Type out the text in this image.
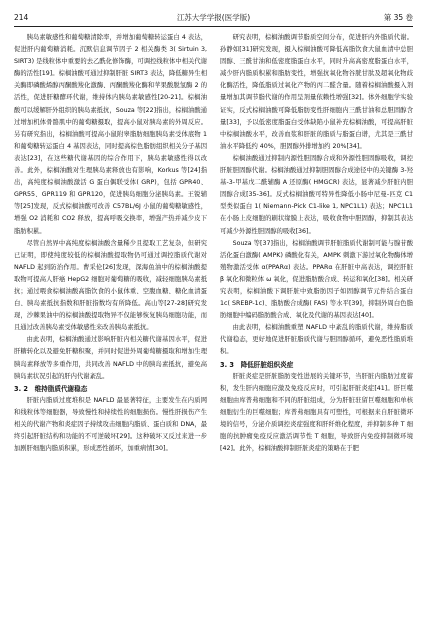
214	江苏大学学报(医学版)	第 35 卷

胰岛素敏感性和葡萄糖清除率，并增加葡萄糖转运蛋白 4 表达，促进肝内葡萄糖消耗。沉默信息调节因子 2 相关酶类 3( Sirtuin 3, SIRT3) 是线粒体中重要的去乙酰化修饰酶，可调控线粒体中相关代谢酶的活性[19]。棕榈油酸可通过抑制肝脏 SIRT3 表达，降低糖异生相关酶即磷酸烯醇丙酮酸羧化激酶、丙酮酸羧化酶和苹果酸脱氢酶 2 的活性，促进肝糖酵环代谢，维持体内胰岛素敏感性[20-21]。棕榈油酸可以缓解肝外组织的胰岛素抵抗，Souza 等[22]指出，棕榈油酸通过增加机体骨骼肌中的葡萄糖摄取，提高小鼠对胰岛素的外周反应。另有研究指出，棕榈油酸可提高小鼠附睾脂肪细胞胰岛素受体底物 1 和葡萄糖转运蛋白 4 基因表达，同时提高棕色脂肪组织相关分子基因表达[23]，在这些糖代谢基因的综合作用下，胰岛素敏感性得以改善。此外，棕榈油酸对生理胰岛素释放也有影响，Korkus 等[24]指出，高纯度棕榈油酸激活 G 蛋白偶联受体( GRP)，包括 GPR40、GPR55、GPR119 和 GPR120，促进胰岛细胞分泌胰岛素。王锐辅等[25]发现，反式棕榈油酸可改善 C57BL/6J 小鼠的葡萄糖敏感性，增强 O2 消耗和 CO2 释放，提高呼吸交换率，增强产热并减少皮下脂肪积累。

尽管自然界中高纯度棕榈油酸含量稀少且提取工艺复杂，但研究已证明，即使纯度较低的棕榈油酸提取物仍可通过调控脂质代谢对 NAFLD 起到防治作用。曹采伦[26]发现，深海鱼油中的棕榈油酸提取物可提高人肝癌 HepG2 细胞对葡萄糖的吸收，减轻细胞胰岛素抵抗；通过喂食棕榈油酸高脂饮食的小鼠体重、空腹血糖、糖化血清蛋白、胰岛素抵抗指数和肝脏指数均有所降低。高山等[27-28]研究发现，沙棘果油中的棕榈油酸提取物异不仅能够恢复胰岛细胞功能，而且通过改善胰岛素受体敏感性来改善胰岛素抵抗。

由此表明，棕榈油酸通过影响肝脏内相关糖代谢基因水平，促进肝糖转化以及避免肝糖积聚，并同时促进外周葡萄糖摄取和增加生理胰岛素释放等多重作用，共同改善 NAFLD 中的胰岛素抵抗，避免高胰岛素状况引起的肝内代谢紊乱。

3. 2　维持脂质代谢稳态

肝脏内脂质过度堆积是 NAFLD 最显著特征，主要发生在内质网和线粒体等细胞器，导致慢性和持续性的细胞损伤。慢性肝损伤产生相关的代谢产物和炎症因子持续攻击细胞内脂质、蛋白质和 DNA，最终引起肝脏结构和功能的不可逆破坏[29]。这种破坏又反过来进一步加剧肝细胞内脂质积累，形成恶性循环，加重病情[30]。

研究表明，棕榈油酸调节脂质空间分布，促进肝内外脂质代谢。孙静如[31]研究发现，摄入棕榈油酸可降低高脂饮食大鼠血清中总胆固醇、三酰甘油和低密度脂蛋白水平，同时升高高密度脂蛋白水平，减少肝内脂质积累和脂肪变性，增强抗氧化物谷胱甘肽及超氧化物歧化酶活性，降低脂质过氧化产物的丙二醛含量。随着棕榈油酸摄入剂量增加其调节脂代谢的作用呈剂量依赖性增强[32]。体外细胞学实验证实，反式棕榈油酸可降低脂肪变性肝细胞内三酰甘油和总胆固醇含量[33]，予以低密度脂蛋白受体缺陷小鼠补充棕榈油酸，可提高肝脏中棕榈油酸水平，改善血浆和肝脏的脂质与脂蛋白谱，尤其是三酰甘油水平降低约 40%，胆固醇外排增加约 20%[34]。

棕榈油酸通过抑制内源性胆固醇合成和外源性胆固醇吸收，调控肝脏胆固醇代谢。棕榈油酸通过抑制胆固醇合成途径中的关键酶 3-羟基-3-甲基戊二酰辅酶 A 还原酶( HMGCR) 表达，显著减少肝脏内胆固醇合成[35-36]。反式棕榈油酸可特异性降低小肠中尼曼-匹克 C1 型类似蛋白 1( Niemann-Pick C1-like 1, NPC1L1) 表达；NPC1L1 在小肠上皮细胞的刷状缘膜上表达，吸收食物中胆固醇，抑制其表达可减少外源性胆固醇的吸收[36]。

Souza 等[37]指出，棕榈油酸调节肝脏脂质代谢制可能与腺苷酸活化蛋白激酶( AMPK) 磷酸化有关，AMPK 刺激下游过氧化物酶体增殖物激活受体 α(PPARα) 表达。PPARα 在肝脏中高表达，调控肝脏 β 氧化和微粒体 ω 氧化，促进脂肪酸合成、转运和氧化[38]。相关研究表明，棕榈油酸下调肝脏中致脂肪因子如固醇调节元件结合蛋白 1c( SREBP-1c)、脂肪酸合成酶( FAS) 等水平[39]，抑制外周白色脂肪细胞中编码脂肪酸合成、氧化及代谢的基因表达[40]。

由此表明，棕榈油酸重塑 NAFLD 中紊乱的脂质代谢，维持脂质代谢稳态，更好地促进肝脏脂质代谢与胆固醇循环，避免恶性脂质堆积。

3. 3　降低肝脏组织炎症

肝脏炎症是肝脏脂肪变性进展的关键环节，当肝脏内脂肪过度蓄积，发生肝内细胞应激及免疫反应时，可引起肝脏炎症[41]。肝巨噬细胞由库普弗细胞和不同的肝脏组成，分为肝脏驻留巨噬细胞和单核细胞衍生的巨噬细胞；库普弗细胞具有可塑性，可根据来自肝脏微环境的信号，分泌介质调控炎症强度和肝纤维化程度，并抑制多种 T 细胞的抗肿瘤免疫反应激活调节性 T 细胞，导致肝内免疫抑制微环境[42]。此外，棕榈油酸抑制肝脏炎症的策略在于肥
